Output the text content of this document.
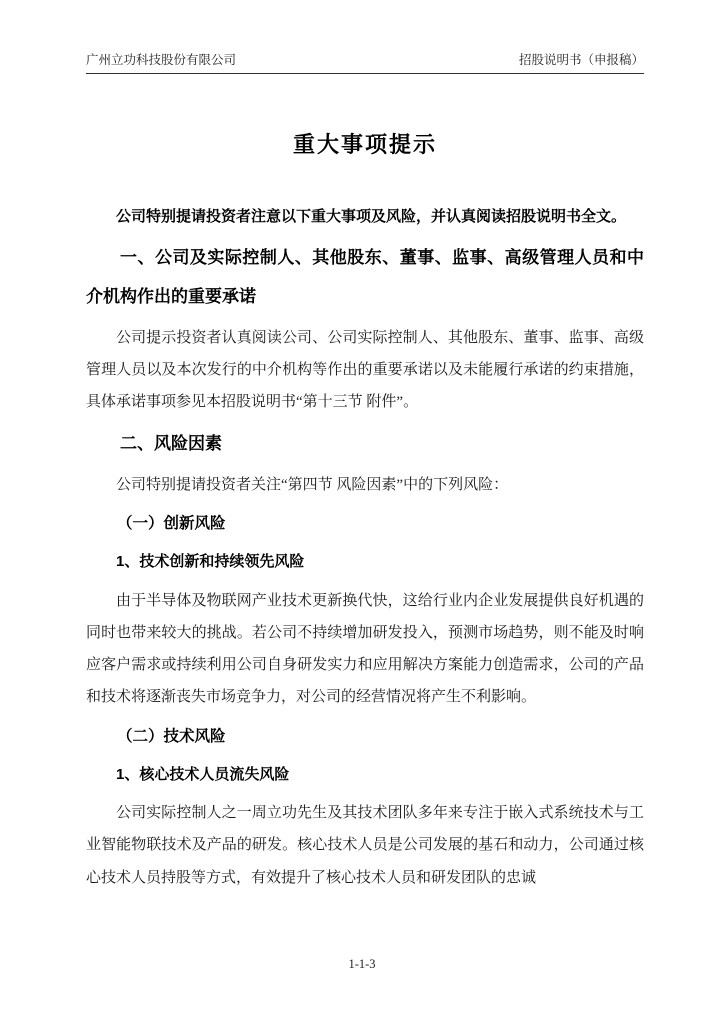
广州立功科技股份有限公司	招股说明书（申报稿）
重大事项提示
公司特别提请投资者注意以下重大事项及风险，并认真阅读招股说明书全文。
一、公司及实际控制人、其他股东、董事、监事、高级管理人员和中介机构作出的重要承诺
公司提示投资者认真阅读公司、公司实际控制人、其他股东、董事、监事、高级管理人员以及本次发行的中介机构等作出的重要承诺以及未能履行承诺的约束措施，具体承诺事项参见本招股说明书“第十三节 附件”。
二、风险因素
公司特别提请投资者关注“第四节 风险因素”中的下列风险：
（一）创新风险
1、技术创新和持续领先风险
由于半导体及物联网产业技术更新换代快，这给行业内企业发展提供良好机遇的同时也带来较大的挑战。若公司不持续增加研发投入，预测市场趋势，则不能及时响应客户需求或持续利用公司自身研发实力和应用解决方案能力创造需求，公司的产品和技术将逐渐丧失市场竞争力，对公司的经营情况将产生不利影响。
（二）技术风险
1、核心技术人员流失风险
公司实际控制人之一周立功先生及其技术团队多年来专注于嵌入式系统技术与工业智能物联技术及产品的研发。核心技术人员是公司发展的基石和动力，公司通过核心技术人员持股等方式，有效提升了核心技术人员和研发团队的忠诚
1-1-3
